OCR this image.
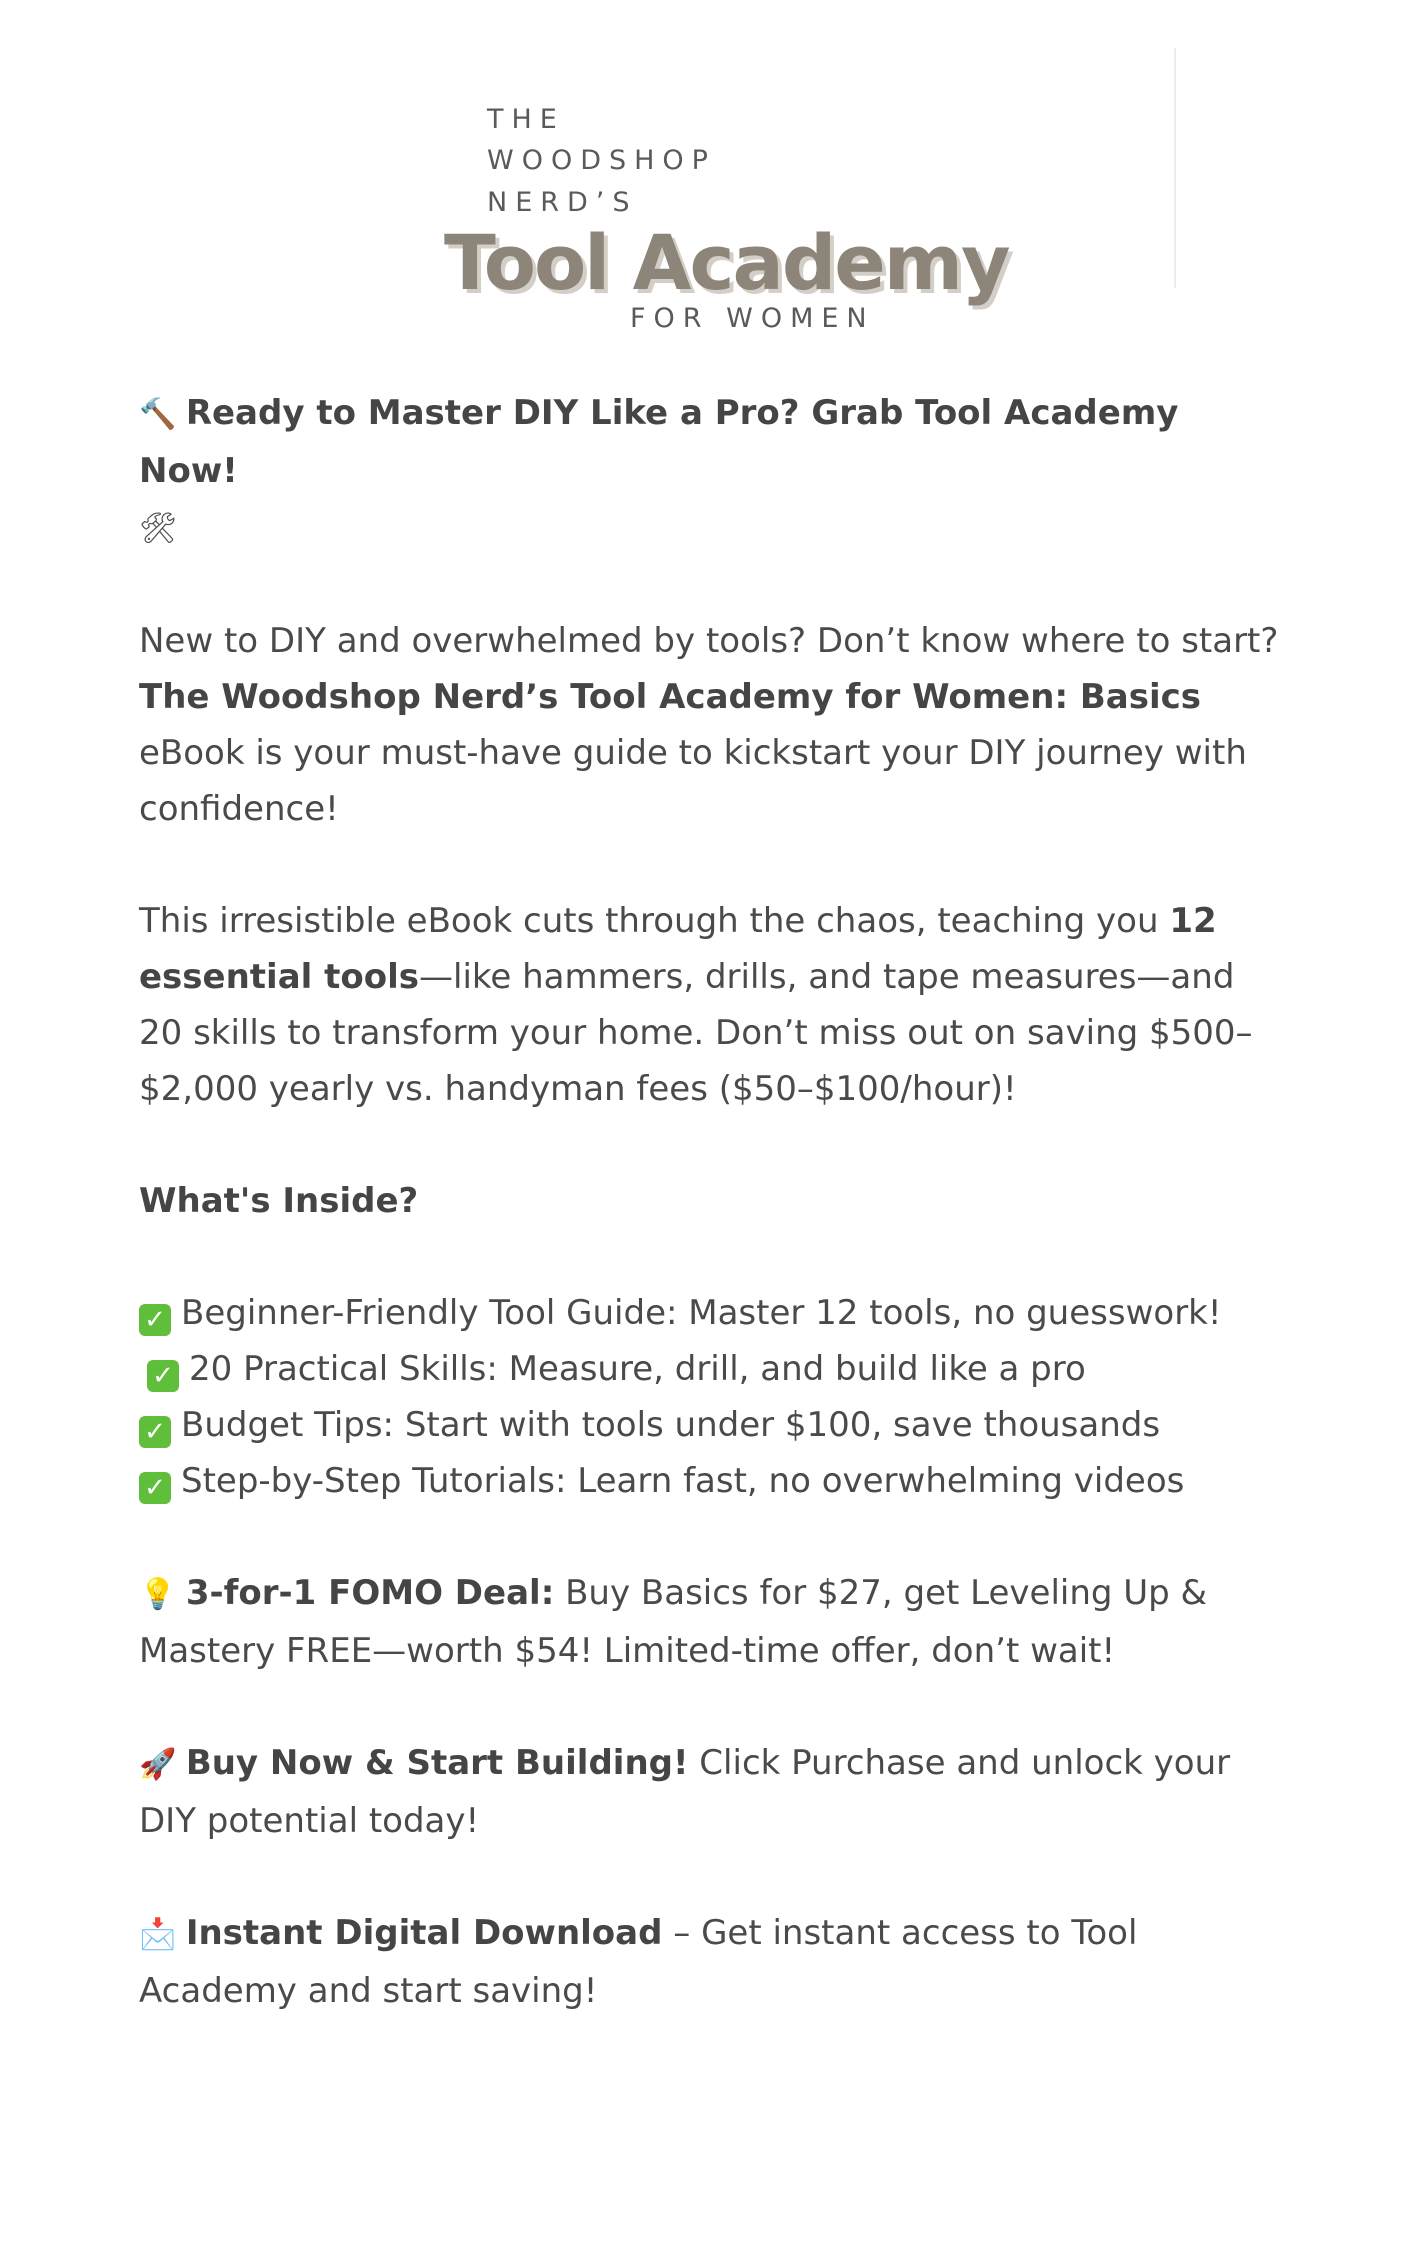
THE
WOODSHOP
NERD’S
Tool Academy
FOR WOMEN

🔨 Ready to Master DIY Like a Pro? Grab Tool Academy Now!
🛠

New to DIY and overwhelmed by tools? Don’t know where to start? The Woodshop Nerd’s Tool Academy for Women: Basics eBook is your must-have guide to kickstart your DIY journey with confidence!

This irresistible eBook cuts through the chaos, teaching you 12 essential tools—like hammers, drills, and tape measures—and 20 skills to transform your home. Don’t miss out on saving $500–$2,000 yearly vs. handyman fees ($50–$100/hour)!

What's Inside?

✓ Beginner-Friendly Tool Guide: Master 12 tools, no guesswork!

✓ 20 Practical Skills: Measure, drill, and build like a pro

✓ Budget Tips: Start with tools under $100, save thousands

✓ Step-by-Step Tutorials: Learn fast, no overwhelming videos

💡 3-for-1 FOMO Deal: Buy Basics for $27, get Leveling Up & Mastery FREE—worth $54! Limited-time offer, don’t wait!

🚀 Buy Now & Start Building! Click Purchase and unlock your DIY potential today!

📩 Instant Digital Download – Get instant access to Tool Academy and start saving!
